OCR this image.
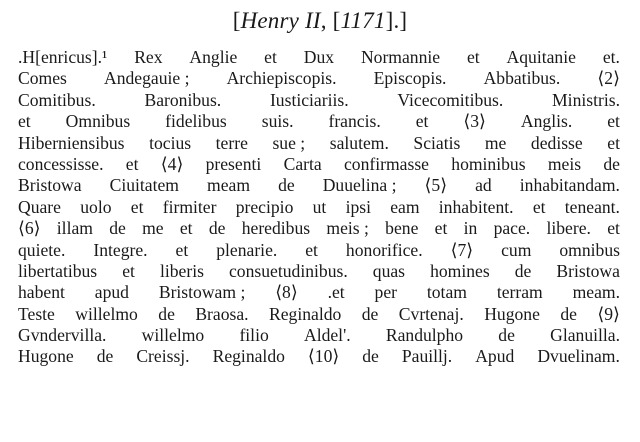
[Henry II, [1171].]
.H[enricus].¹ Rex Anglie et Dux Normannie et Aquitanie et.
Comes Andegauie ; Archiepiscopis. Episcopis. Abbatibus. ⟨2⟩
Comitibus.	Baronibus.	Iusticiariis.	Vicecomitibus.	Ministris.
et Omnibus fidelibus suis. francis. et ⟨3⟩ Anglis. et
Hiberniensibus tocius terre sue ; salutem. Sciatis me dedisse et
concessisse. et ⟨4⟩ presenti Carta confirmasse hominibus meis de
Bristowa Ciuitatem meam de Duuelina ; ⟨5⟩ ad inhabitandam.
Quare uolo et firmiter precipio ut ipsi eam inhabitent. et teneant.
⟨6⟩ illam de me et de heredibus meis ; bene et in pace. libere. et
quiete. Integre. et plenarie. et honorifice. ⟨7⟩ cum omnibus
libertatibus et liberis consuetudinibus. quas homines de Bristowa
habent apud Bristowam ; ⟨8⟩ .et per totam terram meam.
Teste willelmo de Braosa. Reginaldo de Cvrtenaj. Hugone de ⟨9⟩
Gvndervilla. willelmo filio Aldel'. Randulpho de Glanuilla.
Hugone de Creissj. Reginaldo ⟨10⟩ de Pauillj. Apud Dvuelinam.
